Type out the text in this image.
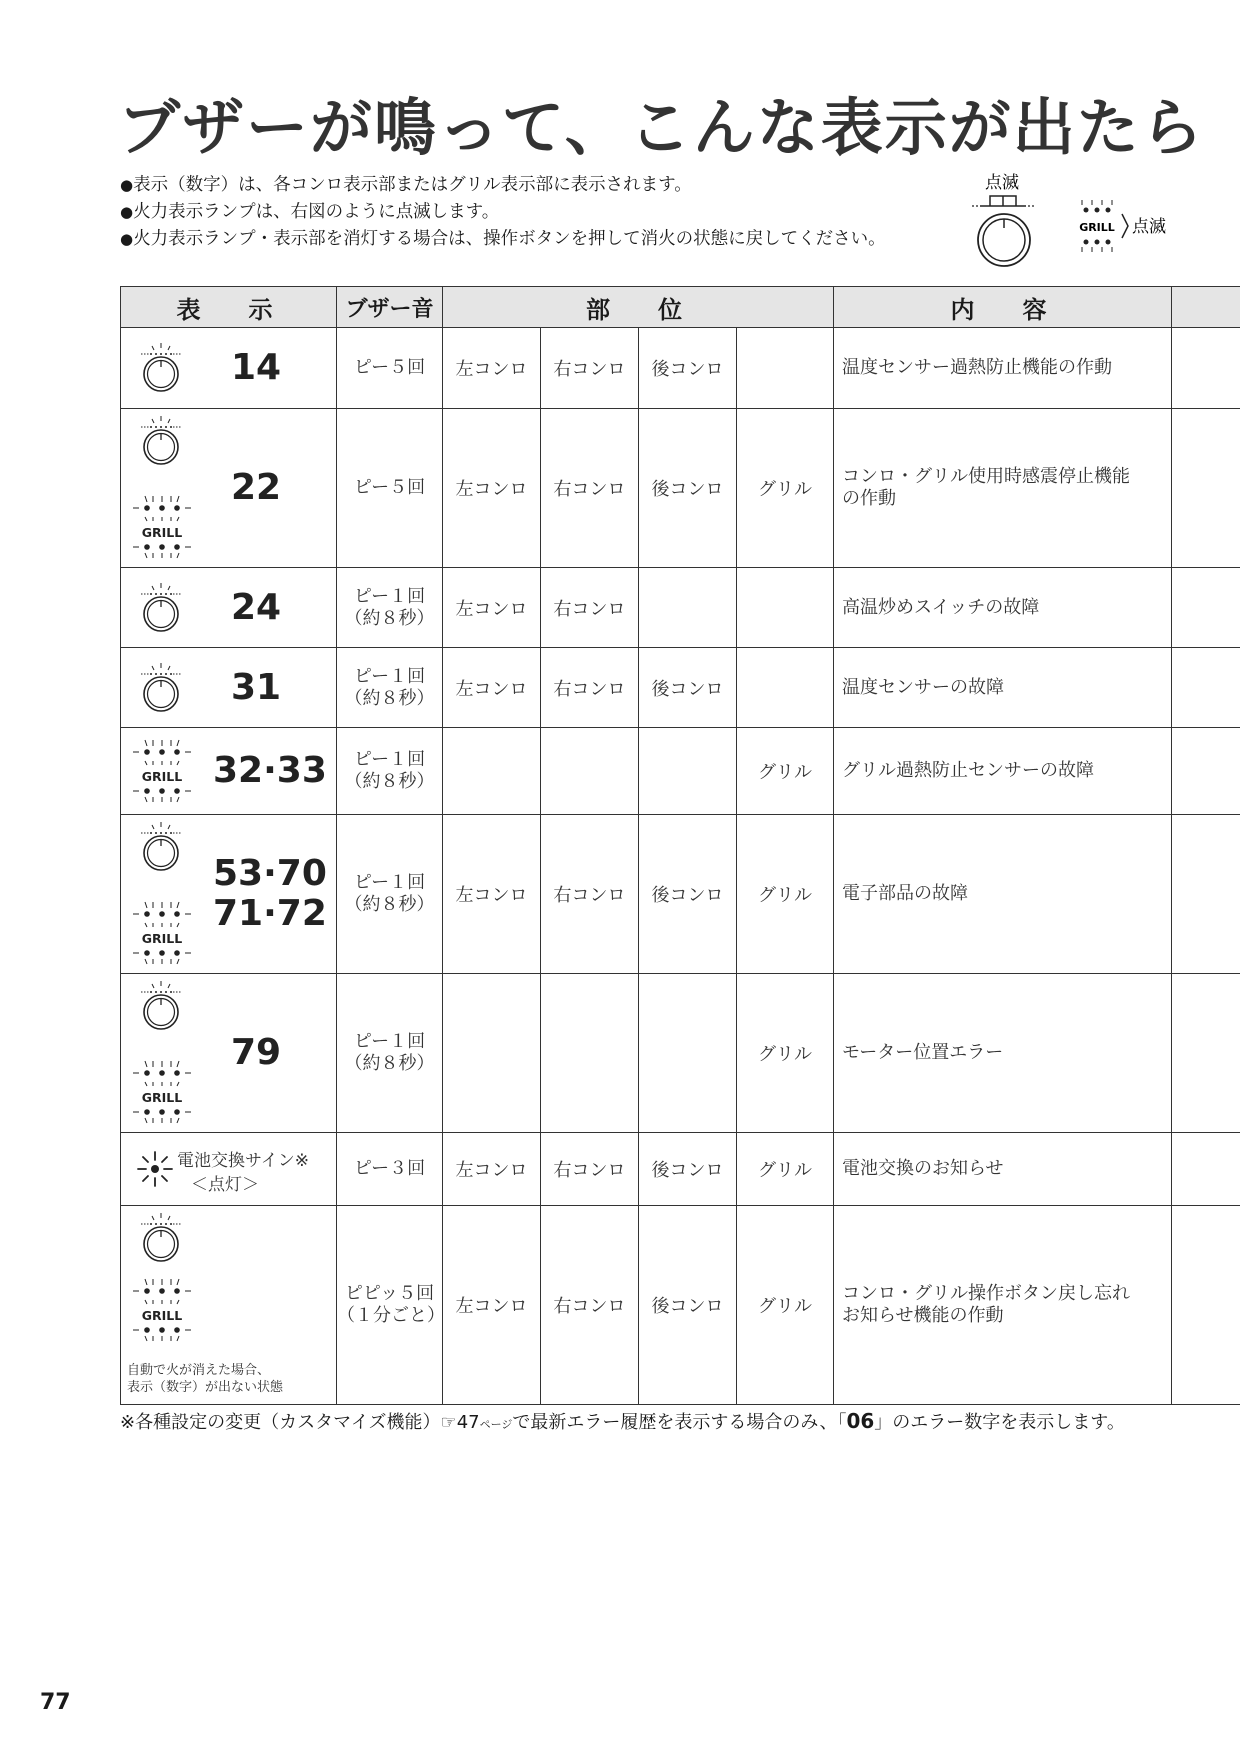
ブザーが鳴って、こんな表示が出たら
●表示（数字）は、各コンロ表示部またはグリル表示部に表示されます。
●火力表示ランプは、右図のように点滅します。
●火力表示ランプ・表示部を消灯する場合は、操作ボタンを押して消火の状態に戻してください。
点滅
GRILL 点滅
表示	ブザー音	部位				内容	

14	ピー５回	左コンロ	右コンロ	後コンロ		温度センサー過熱防止機能の作動	

GRILL
22	ピー５回	左コンロ	右コンロ	後コンロ	グリル	コンロ・グリル使用時感震停止機能
の作動	

24	ピー１回
（約８秒）	左コンロ	右コンロ			高温炒めスイッチの故障	

31	ピー１回
（約８秒）	左コンロ	右コンロ	後コンロ		温度センサーの故障	

GRILL 32·33	ピー１回
（約８秒）				グリル	グリル過熱防止センサーの故障	

GRILL
53·70
71·72	ピー１回
（約８秒）	左コンロ	右コンロ	後コンロ	グリル	電子部品の故障	

GRILL
79	ピー１回
（約８秒）				グリル	モーター位置エラー	

電池交換サイン※
＜点灯＞	ピー３回	左コンロ	右コンロ	後コンロ	グリル	電池交換のお知らせ	

GRILL
自動で火が消えた場合、
表示（数字）が出ない状態	ピピッ５回
（１分ごと）	左コンロ	右コンロ	後コンロ	グリル	コンロ・グリル操作ボタン戻し忘れ
お知らせ機能の作動	
※各種設定の変更（カスタマイズ機能）☞47ページで最新エラー履歴を表示する場合のみ、「06」のエラー数字を表示します。
77
